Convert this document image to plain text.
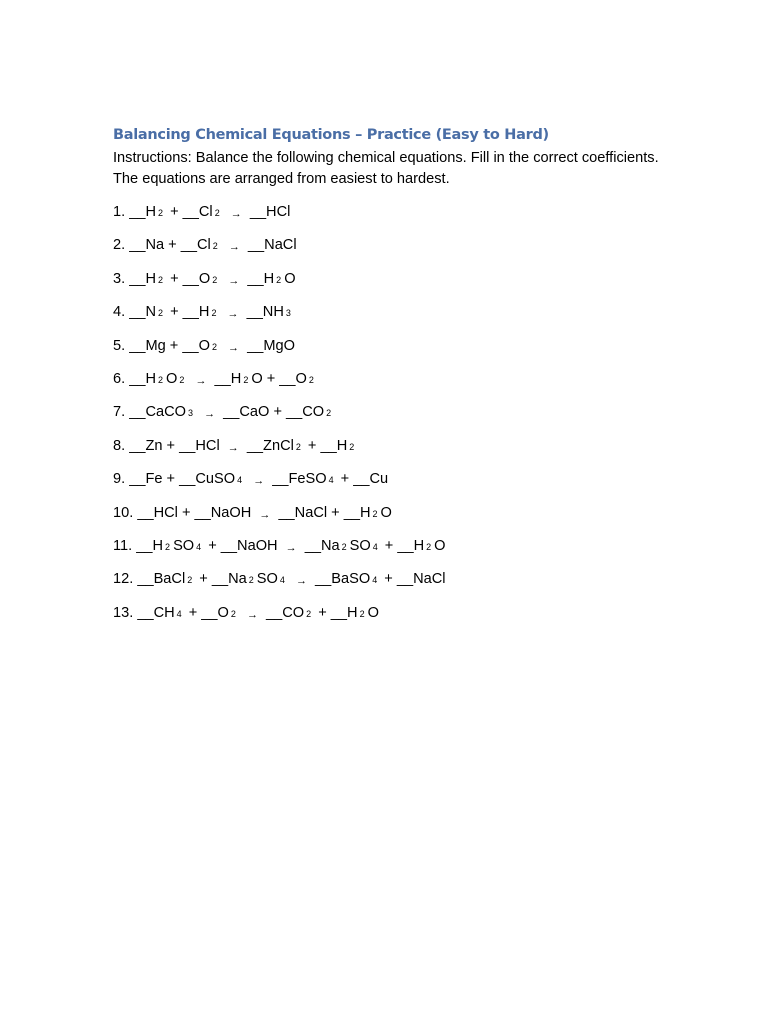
Balancing Chemical Equations – Practice (Easy to Hard)

Instructions: Balance the following chemical equations. Fill in the correct coefficients. The equations are arranged from easiest to hardest.

1. __H 2 + __Cl 2 → __HCl
2. __Na + __Cl 2 → __NaCl
3. __H 2 + __O 2 → __H 2 O
4. __N 2 + __H 2 → __NH 3
5. __Mg + __O 2 → __MgO
6. __H 2 O 2 → __H 2 O + __O 2
7. __CaCO 3 → __CaO + __CO 2
8. __Zn + __HCl → __ZnCl 2 + __H 2
9. __Fe + __CuSO 4 → __FeSO 4 + __Cu
10. __HCl + __NaOH → __NaCl + __H 2 O
11. __H 2 SO 4 + __NaOH → __Na 2 SO 4 + __H 2 O
12. __BaCl 2 + __Na 2 SO 4 → __BaSO 4 + __NaCl
13. __CH 4 + __O 2 → __CO 2 + __H 2 O
